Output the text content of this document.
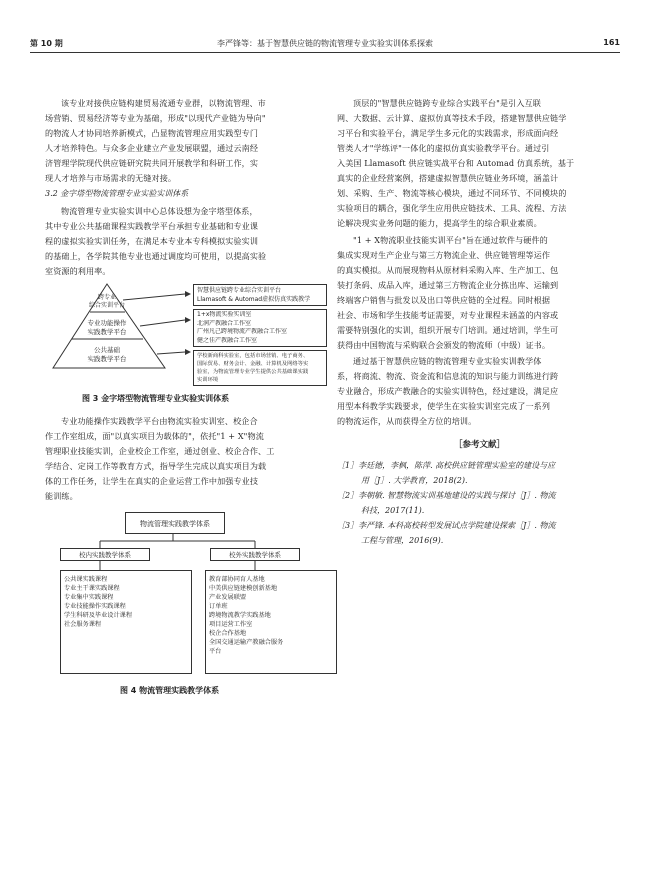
第 10 期	李严锋等：基于智慧供应链的物流管理专业实验实训体系探索	161
该专业对接供应链构建贸易流通专业群，以物流管理、市
场营销、贸易经济等专业为基础，形成"以现代产业链为导向"
的物流人才协同培养新模式，凸显物流管理应用实践型专门
人才培养特色。与众多企业建立产业发展联盟，通过云南经
济管理学院现代供应链研究院共同开展教学和科研工作，实
现人才培养与市场需求的无缝对接。
3.2 金字塔型物流管理专业实验实训体系
物流管理专业实验实训中心总体设想为金字塔型体系，
其中专业公共基础课程实践教学平台承担专业基础和专业课
程的虚拟实验实训任务，在满足本专业本专科模拟实验实训
的基础上，各学院其他专业也通过调度均可使用，以提高实验
室资源的利用率。
跨专业
综合实训平台
专业功能操作
实践教学平台
公共基础
实践教学平台
智慧供应链跨专业综合实训平台
Llamasoft & Automad虚拟仿真实践教学
1+x物流实验实训室
北润产教融合工作室
广州凡己跨境物流产教融合工作室
健之佳产教融合工作室
学校新商科实验室，包括市场营销、电子商务、
国际贸易、财务会计、金融、计算机及网络等实
验室，为物流管理专业学生提供公共基础课实践
实训环境
图 3 金字塔型物流管理专业实验实训体系
专业功能操作实践教学平台由物流实验实训室、校企合
作工作室组成，面"以真实项目为载体的"，依托"1 + X"物流
管理职业技能实训，企业校企工作室，通过创业、校企合作、工
学结合、定岗工作等教育方式，指导学生完成以真实项目为载
体的工作任务，让学生在真实的企业运营工作中加强专业技
能训练。
物流管理实践教学体系
校内实践教学体系	校外实践教学体系
公共课实践课程
专业主干课实践课程
专业集中实践课程
专业技能操作实践课程
学生科研及毕业设计课程
社会服务课程
教育部协同育人基地
中美供应链建模创新基地
产业发展联盟
订单班
跨境物流教学实践基地
项目运营工作室
校企合作基地
全国交通运输产教融合服务
平台
图 4 物流管理实践教学体系
顶层的"智慧供应链跨专业综合实践平台"是引入互联
网、大数据、云计算、虚拟仿真等技术手段，搭建智慧供应链学
习平台和实验平台，满足学生多元化的实践需求，形成面向经
管类人才"学练评"一体化的虚拟仿真实验教学平台。通过引
入美国 Llamasoft 供应链实战平台和 Automad 仿真系统，基于
真实的企业经营案例，搭建虚拟智慧供应链业务环境，涵盖计
划、采购、生产、物流等核心模块，通过不同环节、不同模块的
实验项目的耦合，强化学生应用供应链技术、工具、流程、方法
论解决现实业务问题的能力，提高学生的综合职业素质。
"1 + X物流职业技能实训平台"旨在通过软件与硬件的
集成实现对生产企业与第三方物流企业、供应链管理等运作
的真实模拟。从而展现物料从原材料采购入库、生产加工、包
装打条码、成品入库，通过第三方物流企业分拣出库、运输到
终端客户销售与批发以及出口等供应链的全过程。同时根据
社会、市场和学生技能考证需要，对专业课程未涵盖的内容或
需要特别强化的实训，组织开展专门培训。通过培训，学生可
获得由中国物流与采购联合会颁发的物流师（中级）证书。
通过基于智慧供应链的物流管理专业实验实训教学体
系，将商流、物流、资金流和信息流的知识与能力训练进行跨
专业融合，形成产教融合的实验实训特色，经过建设，满足应
用型本科教学实践要求，使学生在实验实训室完成了一系列
的物流运作，从而获得全方位的培训。
［参考文献］
［1］李廷德，李枫，陈萍. 高校供应链管理实验室的建设与应
用［J］. 大学教育，2018(2).
［2］李朝敏. 智慧物流实训基地建设的实践与探讨［J］. 物流
科技，2017(11).
［3］李严锋. 本科高校转型发展试点学院建设探索［J］. 物流
工程与管理，2016(9).
